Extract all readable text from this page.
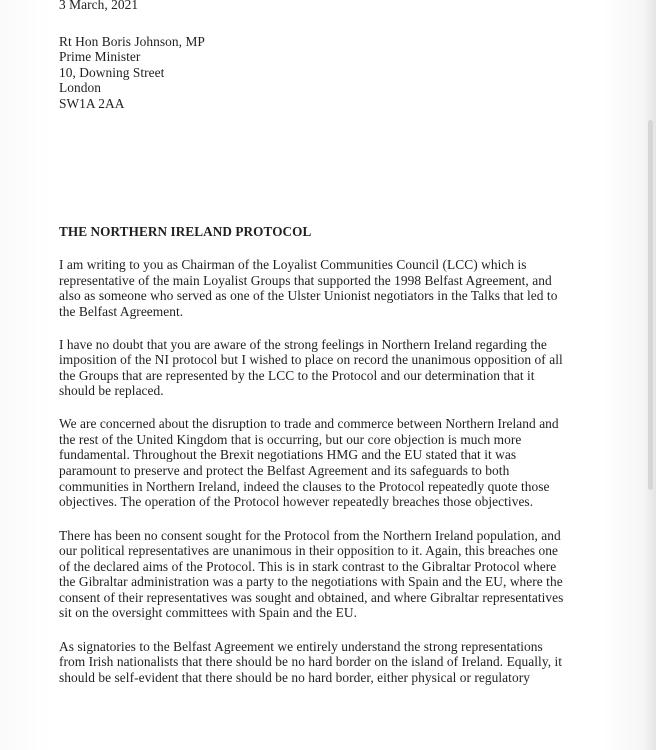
3 March, 2021
Rt Hon Boris Johnson, MP
Prime Minister
10, Downing Street
London
SW1A 2AA
THE NORTHERN IRELAND PROTOCOL
I am writing to you as Chairman of the Loyalist Communities Council (LCC) which is
representative of the main Loyalist Groups that supported the 1998 Belfast Agreement, and
also as someone who served as one of the Ulster Unionist negotiators in the Talks that led to
the Belfast Agreement.
I have no doubt that you are aware of the strong feelings in Northern Ireland regarding the
imposition of the NI protocol but I wished to place on record the unanimous opposition of all
the Groups that are represented by the LCC to the Protocol and our determination that it
should be replaced.
We are concerned about the disruption to trade and commerce between Northern Ireland and
the rest of the United Kingdom that is occurring, but our core objection is much more
fundamental. Throughout the Brexit negotiations HMG and the EU stated that it was
paramount to preserve and protect the Belfast Agreement and its safeguards to both
communities in Northern Ireland, indeed the clauses to the Protocol repeatedly quote those
objectives. The operation of the Protocol however repeatedly breaches those objectives.
There has been no consent sought for the Protocol from the Northern Ireland population, and
our political representatives are unanimous in their opposition to it. Again, this breaches one
of the declared aims of the Protocol. This is in stark contrast to the Gibraltar Protocol where
the Gibraltar administration was a party to the negotiations with Spain and the EU, where the
consent of their representatives was sought and obtained, and where Gibraltar representatives
sit on the oversight committees with Spain and the EU.
As signatories to the Belfast Agreement we entirely understand the strong representations
from Irish nationalists that there should be no hard border on the island of Ireland. Equally, it
should be self-evident that there should be no hard border, either physical or regulatory
